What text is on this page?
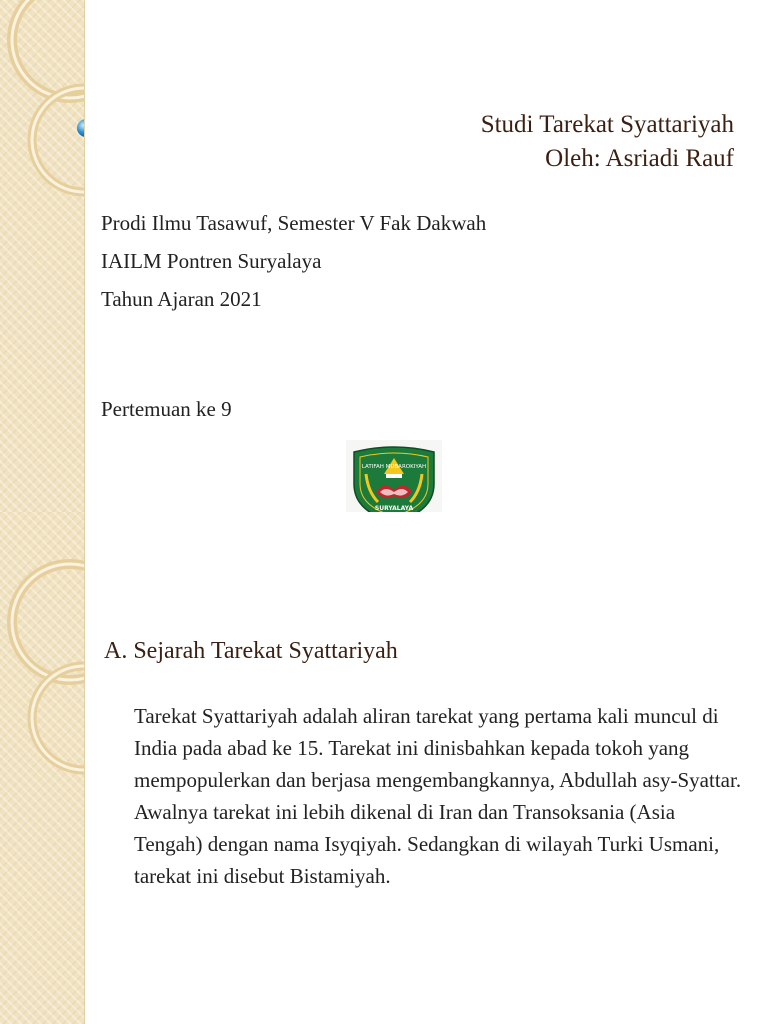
Studi Tarekat Syattariyah
Oleh: Asriadi Rauf
Prodi Ilmu Tasawuf, Semester V Fak Dakwah
IAILM Pontren Suryalaya
Tahun Ajaran 2021
Pertemuan ke 9
LATIFAH MUBAROKIYAH
SURYALAYA
A. Sejarah Tarekat Syattariyah
Tarekat Syattariyah adalah aliran tarekat yang pertama kali muncul di India pada abad ke 15. Tarekat ini dinisbahkan kepada tokoh yang mempopulerkan dan berjasa mengembangkannya, Abdullah asy-Syattar. Awalnya tarekat ini lebih dikenal di Iran dan Transoksania (Asia Tengah) dengan nama Isyqiyah. Sedangkan di wilayah Turki Usmani, tarekat ini disebut Bistamiyah.
